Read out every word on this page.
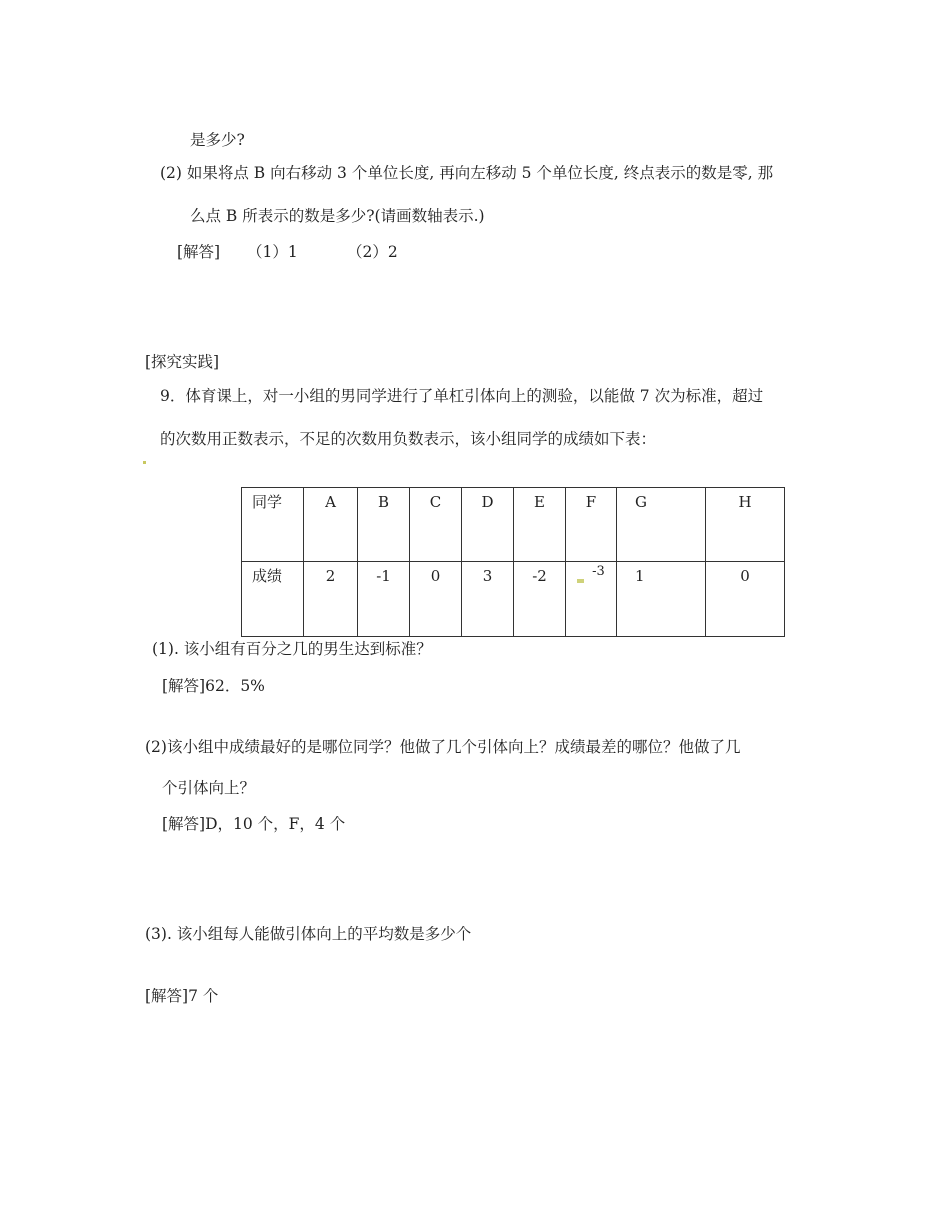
是多少?
(2) 如果将点 B 向右移动 3 个单位长度, 再向左移动 5 个单位长度, 终点表示的数是零, 那
么点 B 所表示的数是多少?(请画数轴表示.)
[解答] （1）1	（2）2
[探究实践]
9．体育课上，对一小组的男同学进行了单杠引体向上的测验，以能做 7 次为标准，超过
的次数用正数表示，不足的次数用负数表示，该小组同学的成绩如下表：
同学	A	B	C	D	E	F	G	H
成绩	2	-1	0	3	-2	$^{-3}$	1	0
(1). 该小组有百分之几的男生达到标准？
[解答]62．5%
(2)该小组中成绩最好的是哪位同学？他做了几个引体向上？成绩最差的哪位？他做了几
个引体向上？
[解答]D，10 个，F，4 个
(3). 该小组每人能做引体向上的平均数是多少个
[解答]7 个
